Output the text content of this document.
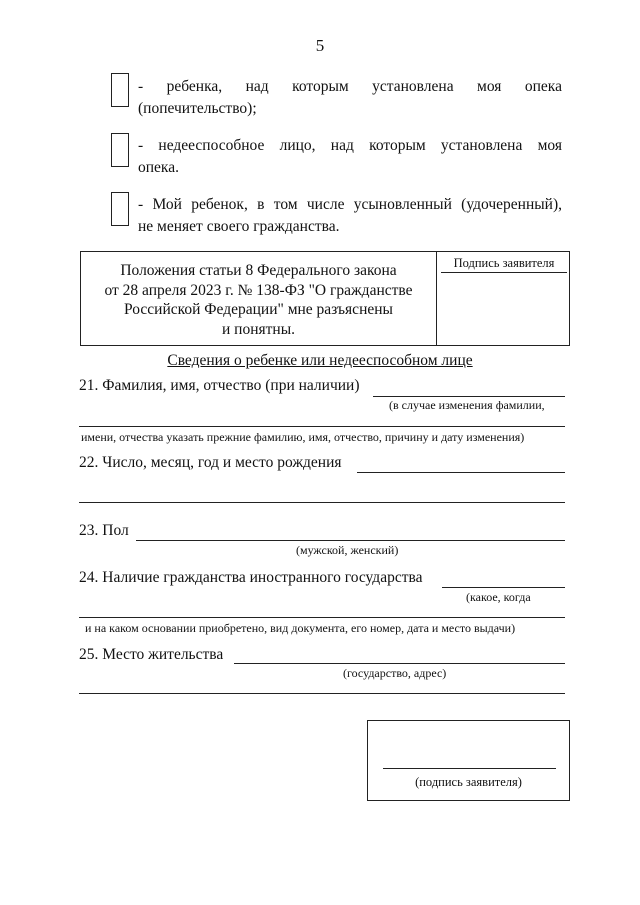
5
- ребенка, над которым установлена моя опека
(попечительство);
- недееспособное лицо, над которым установлена моя
опека.
- Мой ребенок, в том числе усыновленный (удочеренный),
не меняет своего гражданства.
Положения статьи 8 Федерального закона
от 28 апреля 2023 г. № 138-ФЗ "О гражданстве
Российской Федерации" мне разъяснены
и понятны.
Подпись заявителя
Сведения о ребенке или недееспособном лице
21. Фамилия, имя, отчество (при наличии)
(в случае изменения фамилии,
имени, отчества указать прежние фамилию, имя, отчество, причину и дату изменения)
22. Число, месяц, год и место рождения
23. Пол
(мужской, женский)
24. Наличие гражданства иностранного государства
(какое, когда
и на каком основании приобретено, вид документа, его номер, дата и место выдачи)
25. Место жительства
(государство, адрес)
(подпись заявителя)
